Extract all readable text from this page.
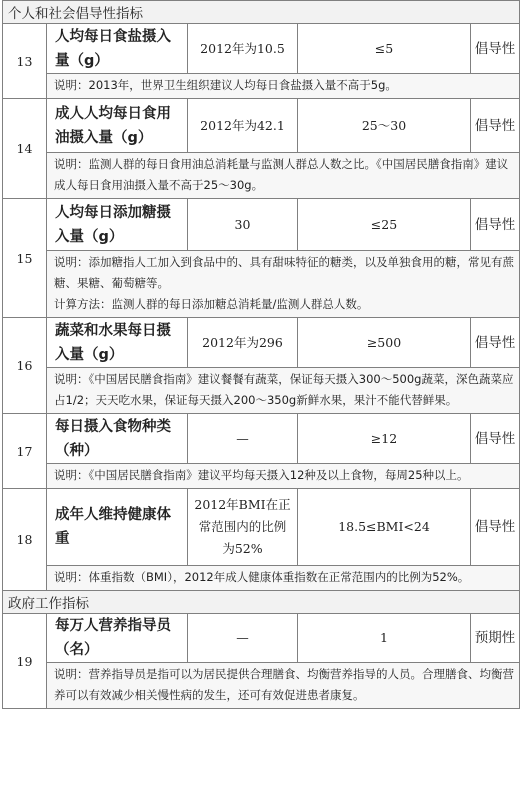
个人和社会倡导性指标				
13	人均每日食盐摄入量（g）	2012年为10.5	≤5	倡导性

	说明：2013年，世界卫生组织建议人均每日食盐摄入量不高于5g。			

14	成人人均每日食用油摄入量（g）	2012年为42.1	25～30	倡导性

	说明：监测人群的每日食用油总消耗量与监测人群总人数之比。《中国居民膳食指南》建议成人每日食用油摄入量不高于25～30g。			

15	人均每日添加糖摄入量（g）	30	≤25	倡导性

	说明：添加糖指人工加入到食品中的、具有甜味特征的糖类，以及单独食用的糖，常见有蔗糖、果糖、葡萄糖等。

计算方法：监测人群的每日添加糖总消耗量/监测人群总人数。			

16	蔬菜和水果每日摄入量（g）	2012年为296	≥500	倡导性

	说明：《中国居民膳食指南》建议餐餐有蔬菜，保证每天摄入300～500g蔬菜，深色蔬菜应占1/2；天天吃水果，保证每天摄入200～350g新鲜水果，果汁不能代替鲜果。			

17	每日摄入食物种类（种）	—	≥12	倡导性

	说明：《中国居民膳食指南》建议平均每天摄入12种及以上食物，每周25种以上。			

18	成年人维持健康体重	2012年BMI在正常范围内的比例为52%	18.5≤BMI<24	倡导性

	说明：体重指数（BMI），2012年成人健康体重指数在正常范围内的比例为52%。			

政府工作指标				
19	每万人营养指导员（名）	—	1	预期性

	说明：营养指导员是指可以为居民提供合理膳食、均衡营养指导的人员。合理膳食、均衡营养可以有效减少相关慢性病的发生，还可有效促进患者康复。			
